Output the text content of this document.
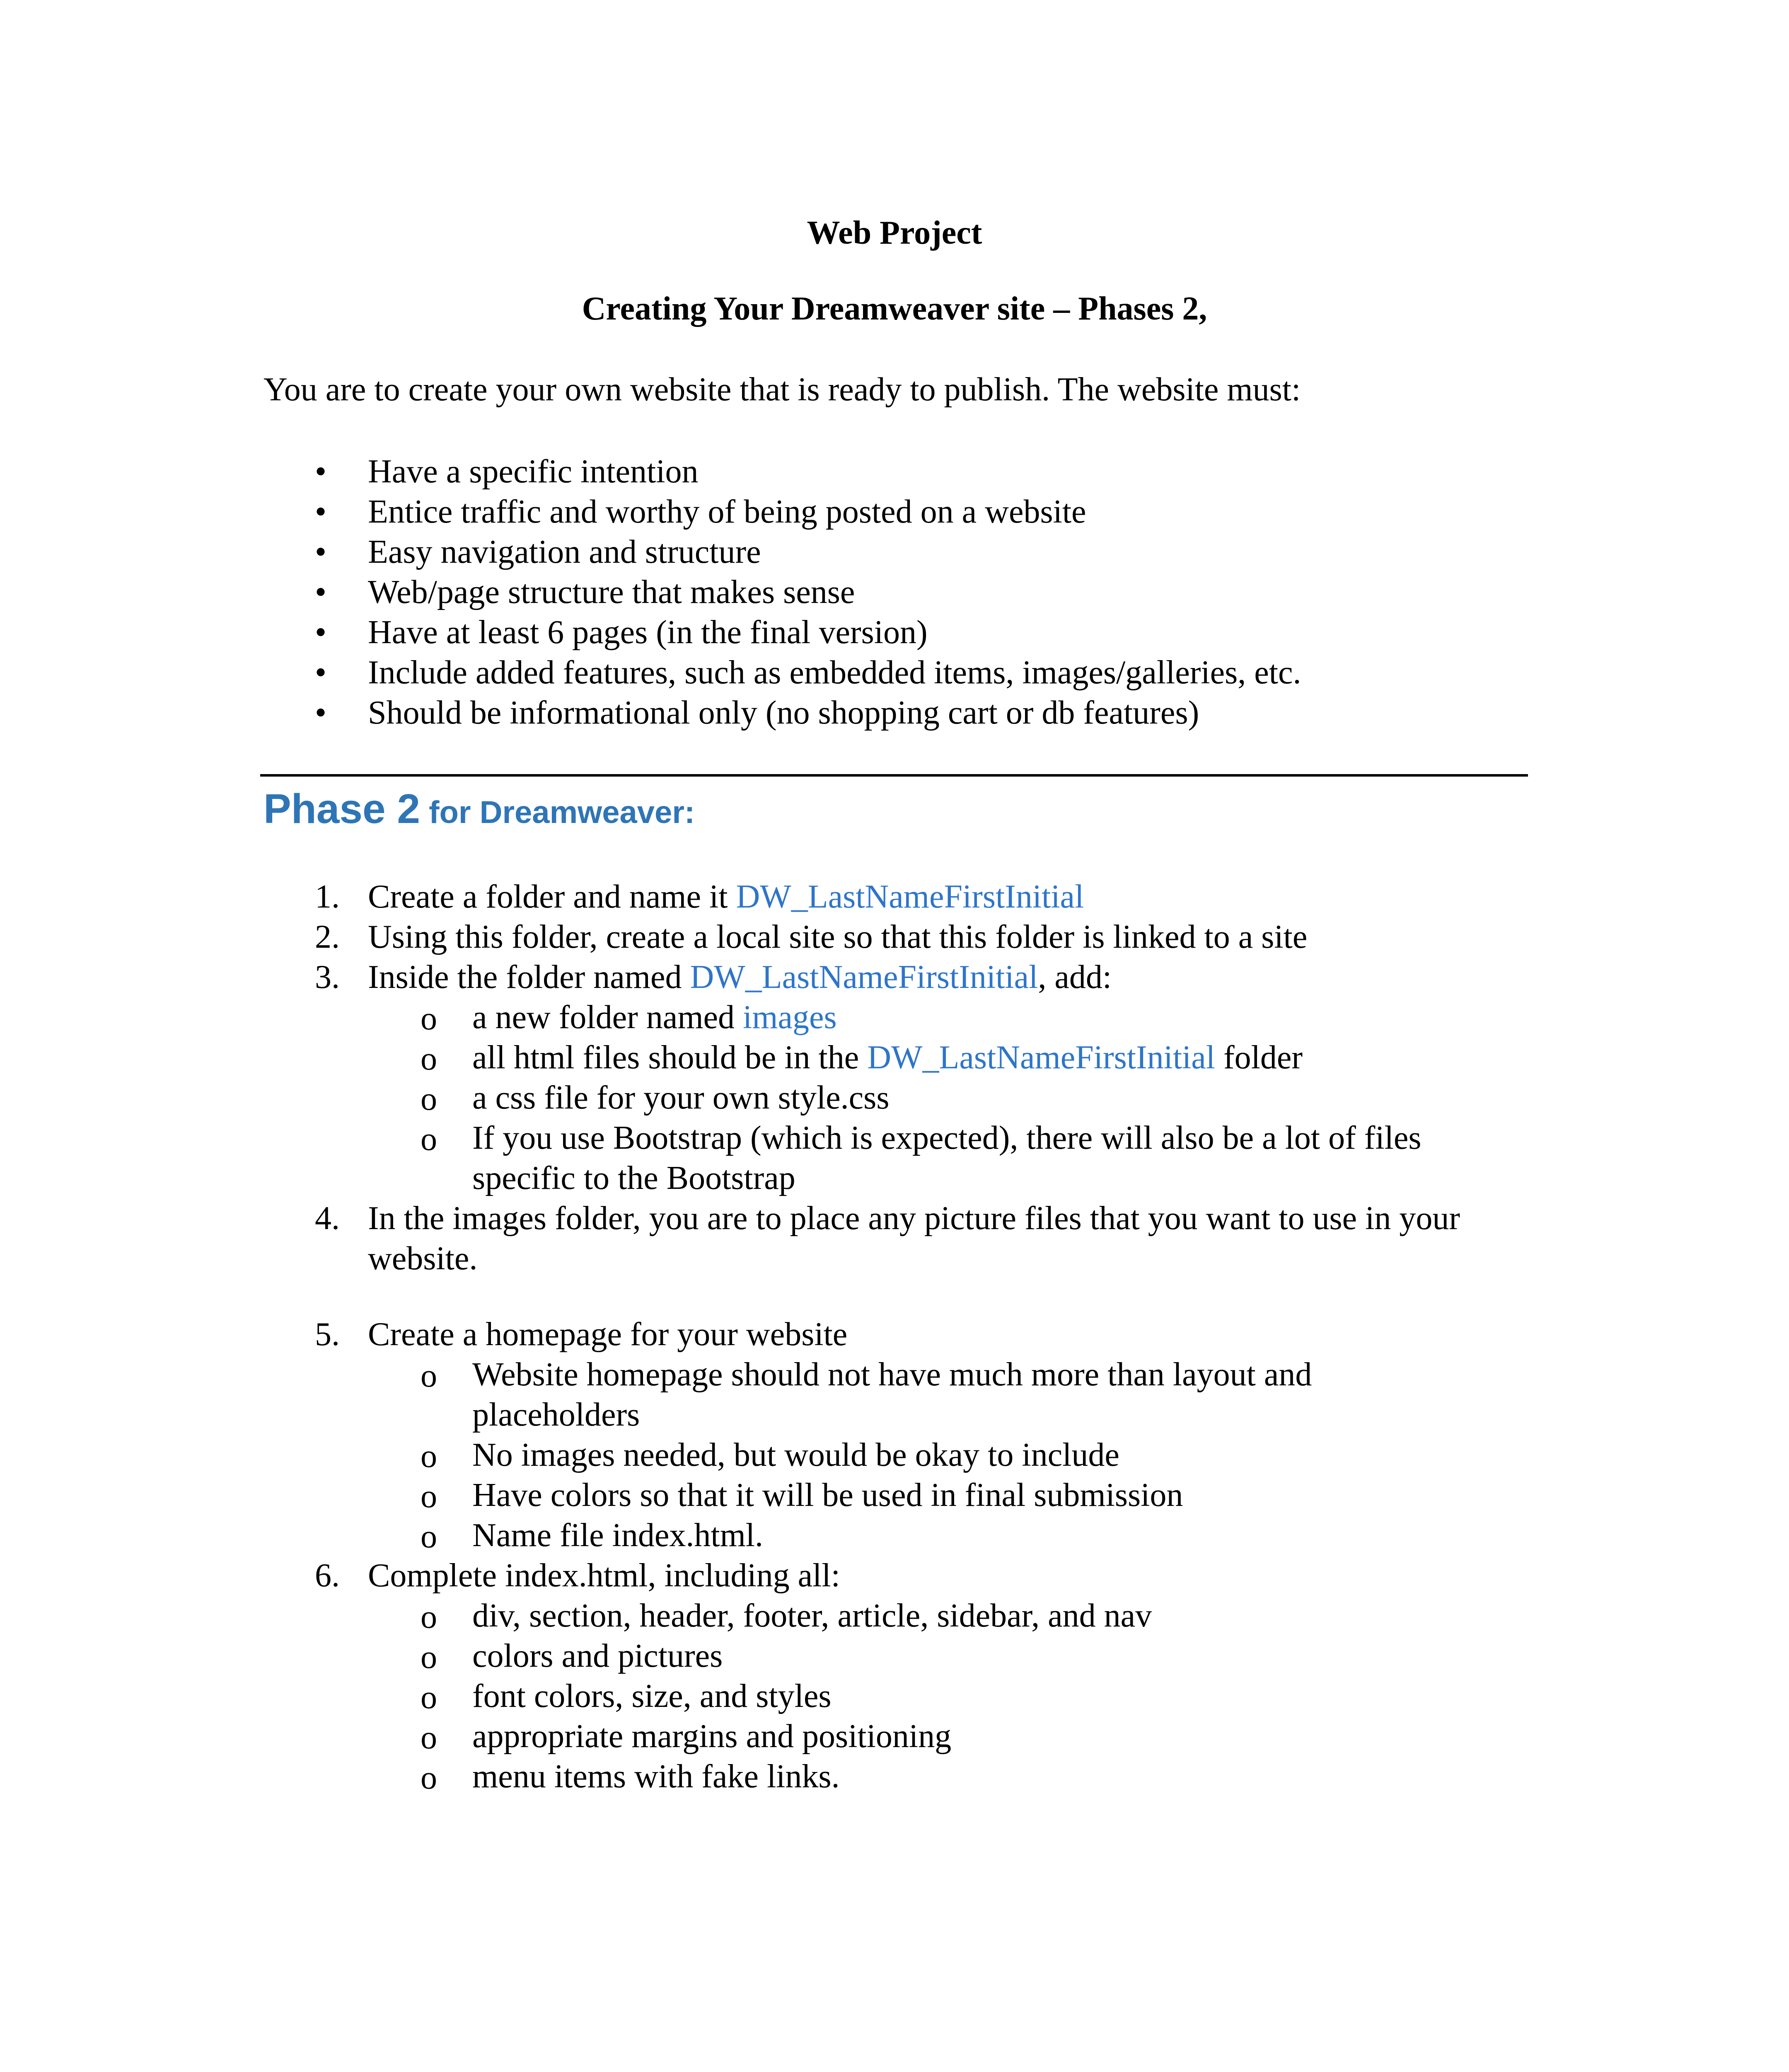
Web Project
Creating Your Dreamweaver site – Phases 2,
You are to create your own website that is ready to publish. The website must:
• Have a specific intention
• Entice traffic and worthy of being posted on a website
• Easy navigation and structure
• Web/page structure that makes sense
• Have at least 6 pages (in the final version)
• Include added features, such as embedded items, images/galleries, etc.
• Should be informational only (no shopping cart or db features)
Phase 2 for Dreamweaver:
1. Create a folder and name it DW_LastNameFirstInitial
2. Using this folder, create a local site so that this folder is linked to a site
3. Inside the folder named DW_LastNameFirstInitial, add:
o a new folder named images
o all html files should be in the DW_LastNameFirstInitial folder
o a css file for your own style.css
o If you use Bootstrap (which is expected), there will also be a lot of files
specific to the Bootstrap
4. In the images folder, you are to place any picture files that you want to use in your
website.
5. Create a homepage for your website
o Website homepage should not have much more than layout and
placeholders
o No images needed, but would be okay to include
o Have colors so that it will be used in final submission
o Name file index.html.
6. Complete index.html, including all:
o div, section, header, footer, article, sidebar, and nav
o colors and pictures
o font colors, size, and styles
o appropriate margins and positioning
o menu items with fake links.
